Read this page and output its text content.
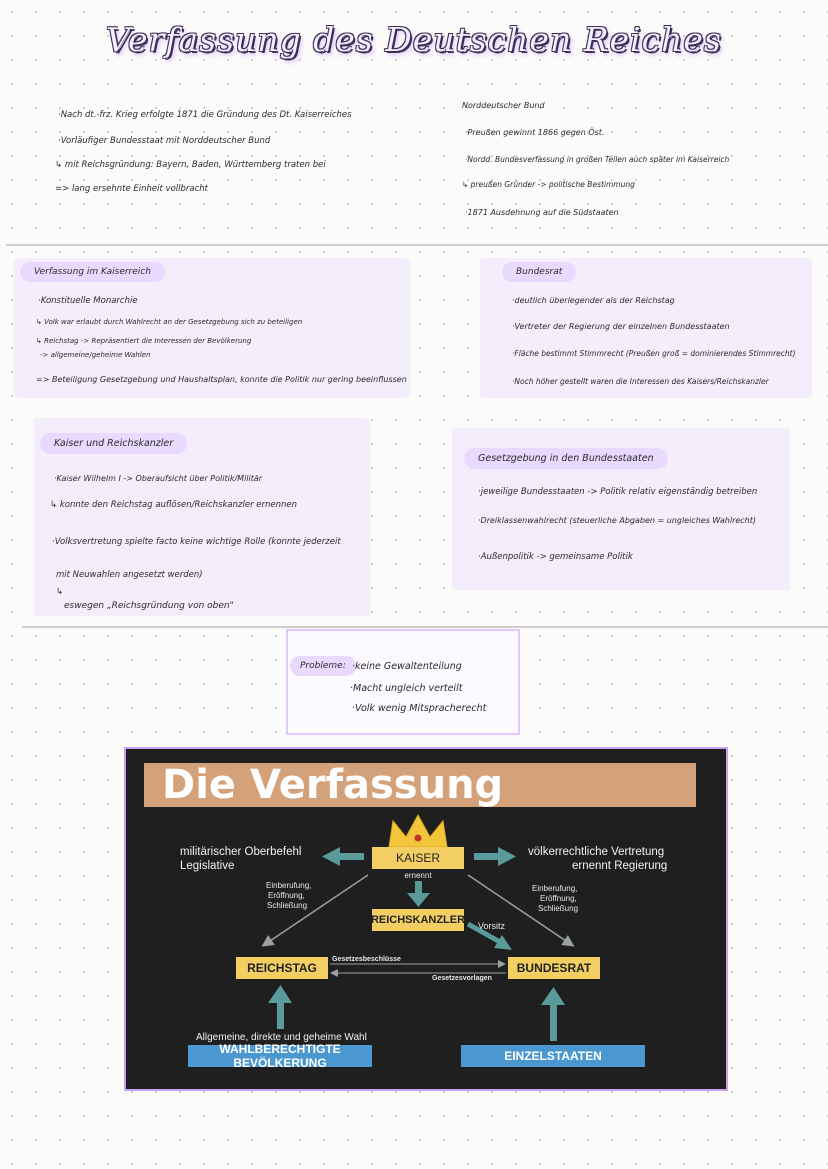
Verfassung des Deutschen Reiches
·Nach dt.-frz. Krieg erfolgte 1871 die Gründung des Dt. Kaiserreiches
·Vorläufiger Bundesstaat mit Norddeutscher Bund
↳ mit Reichsgründung: Bayern, Baden, Württemberg traten bei
=> lang ersehnte Einheit vollbracht
Norddeutscher Bund
·Preußen gewinnt 1866 gegen Öst.
·Nordd. Bundesverfassung in großen Teilen auch später im Kaiserreich
↳ preußen Gründer -> politische Bestimmung
·1871 Ausdehnung auf die Südstaaten
Verfassung im Kaiserreich
·Konstituelle Monarchie
↳ Volk war erlaubt durch Wahlrecht an der Gesetzgebung sich zu beteiligen
↳ Reichstag -> Repräsentiert die Interessen der Bevölkerung
-> allgemeine/geheime Wahlen
=> Beteiligung Gesetzgebung und Haushaltsplan, konnte die Politik nur gering beeinflussen
Bundesrat
·deutlich überlegender als der Reichstag
·Vertreter der Regierung der einzelnen Bundesstaaten
·Fläche bestimmt Stimmrecht (Preußen groß = dominierendes Stimmrecht)
·Noch höher gestellt waren die Interessen des Kaisers/Reichskanzler
Kaiser und Reichskanzler
·Kaiser Wilhelm I -> Oberaufsicht über Politik/Militär
↳ konnte den Reichstag auflösen/Reichskanzler ernennen
·Volksvertretung spielte facto keine wichtige Rolle (konnte jederzeit
mit Neuwahlen angesetzt werden)
↳
eswegen „Reichsgründung von oben"
Gesetzgebung in den Bundesstaaten
·jeweilige Bundesstaaten -> Politik relativ eigenständig betreiben
·Dreiklassenwahlrecht (steuerliche Abgaben = ungleiches Wahlrecht)
·Außenpolitik -> gemeinsame Politik
Probleme: ·keine Gewaltenteilung
·Macht ungleich verteilt
·Volk wenig Mitspracherecht
Die Verfassung
KAISER
ernennt
REICHSKANZLER Vorsitz
REICHSTAG	BUNDESRAT
Gesetzesbeschlüsse
Gesetzesvorlagen
militärischer Oberbefehl
Legislative
völkerrechtliche Vertretung
ernennt Regierung
Einberufung,
Eröffnung,
Schließung
Einberufung,
Eröffnung,
Schließung
Allgemeine, direkte und geheime Wahl
WAHLBERECHTIGTE BEVÖLKERUNG	EINZELSTAATEN
